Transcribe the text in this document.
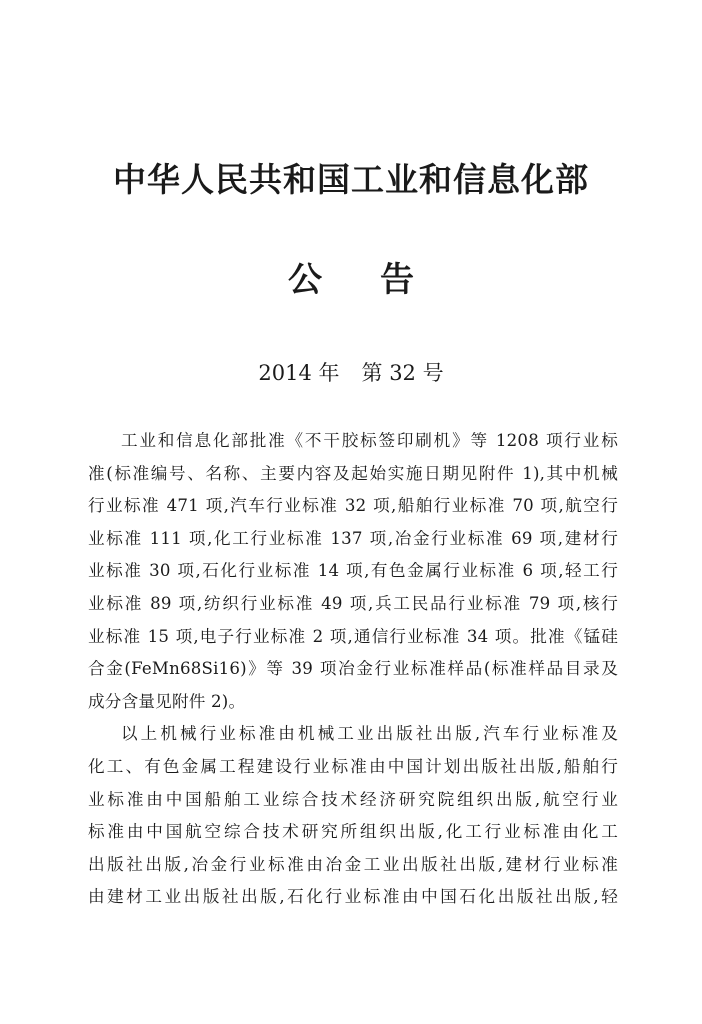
中华人民共和国工业和信息化部
公 告

2014 年 第 32 号

工业和信息化部批准《不干胶标签印刷机》等 1208 项行业标
准(标准编号、名称、主要内容及起始实施日期见附件 1),其中机械
行业标准 471 项,汽车行业标准 32 项,船舶行业标准 70 项,航空行
业标准 111 项,化工行业标准 137 项,冶金行业标准 69 项,建材行
业标准 30 项,石化行业标准 14 项,有色金属行业标准 6 项,轻工行
业标准 89 项,纺织行业标准 49 项,兵工民品行业标准 79 项,核行
业标准 15 项,电子行业标准 2 项,通信行业标准 34 项。批准《锰硅
合金(FeMn68Si16)》等 39 项冶金行业标准样品(标准样品目录及
成分含量见附件 2)。
以上机械行业标准由机械工业出版社出版,汽车行业标准及
化工、有色金属工程建设行业标准由中国计划出版社出版,船舶行
业标准由中国船舶工业综合技术经济研究院组织出版,航空行业
标准由中国航空综合技术研究所组织出版,化工行业标准由化工
出版社出版,冶金行业标准由冶金工业出版社出版,建材行业标准
由建材工业出版社出版,石化行业标准由中国石化出版社出版,轻
